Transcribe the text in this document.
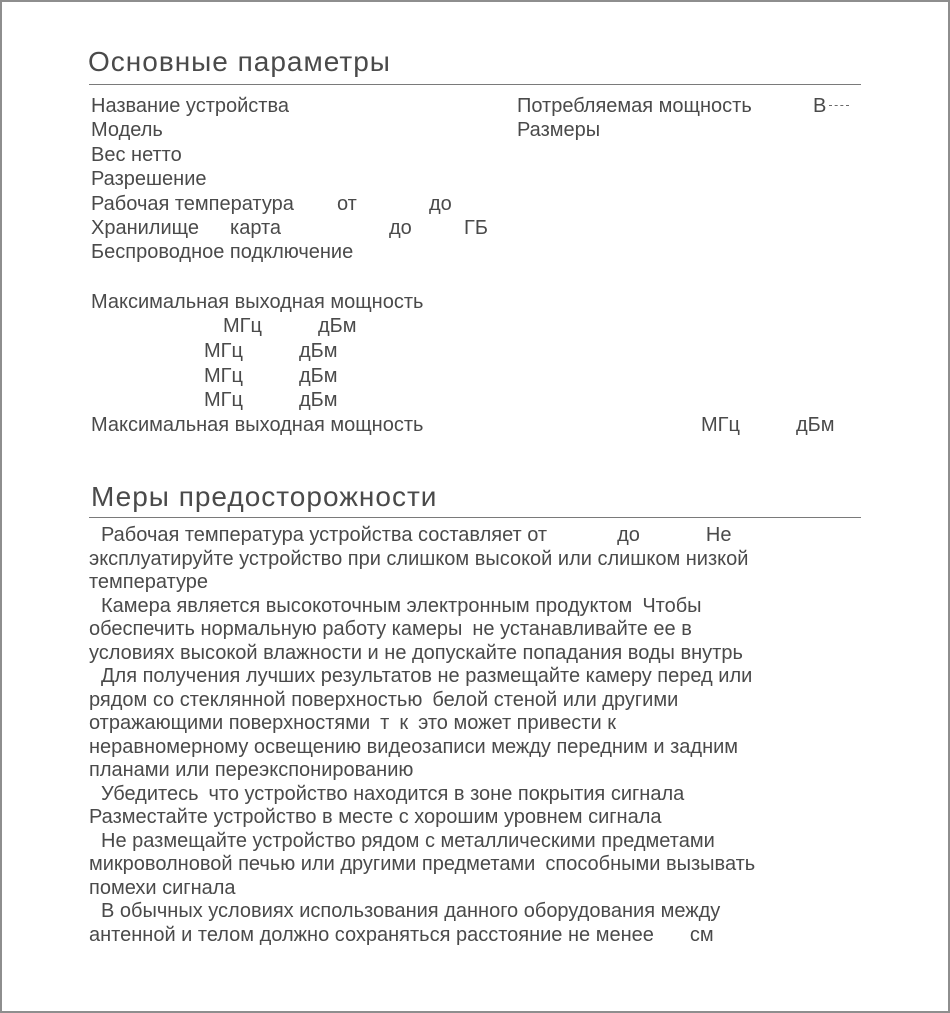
Основные параметры
Название устройства	Потребляемая мощность	В
Модель	Размеры
Вес нетто
Разрешение
Рабочая температура от	до
Хранилище карта	до	ГБ
Беспроводное подключение
Максимальная выходная мощность
МГц	дБм
МГц	дБм
МГц	дБм
МГц	дБм
Максимальная выходная мощность	МГц	дБм
Меры предосторожности

Рабочая температура устройства составляет от	до	Не
эксплуатируйте устройство при слишком высокой или слишком низкой
температуре

Камера является высокоточным электронным продуктом Чтобы
обеспечить нормальную работу камеры не устанавливайте ее в
условиях высокой влажности и не допускайте попадания воды внутрь

Для получения лучших результатов не размещайте камеру перед или
рядом со стеклянной поверхностью белой стеной или другими
отражающими поверхностями т к это может привести к
неравномерному освещению видеозаписи между передним и задним
планами или переэкспонированию

Убедитесь что устройство находится в зоне покрытия сигнала
Разместайте устройство в месте с хорошим уровнем сигнала

Не размещайте устройство рядом с металлическими предметами
микроволновой печью или другими предметами способными вызывать
помехи сигнала

В обычных условиях использования данного оборудования между
антенной и телом должно сохраняться расстояние не менее см
